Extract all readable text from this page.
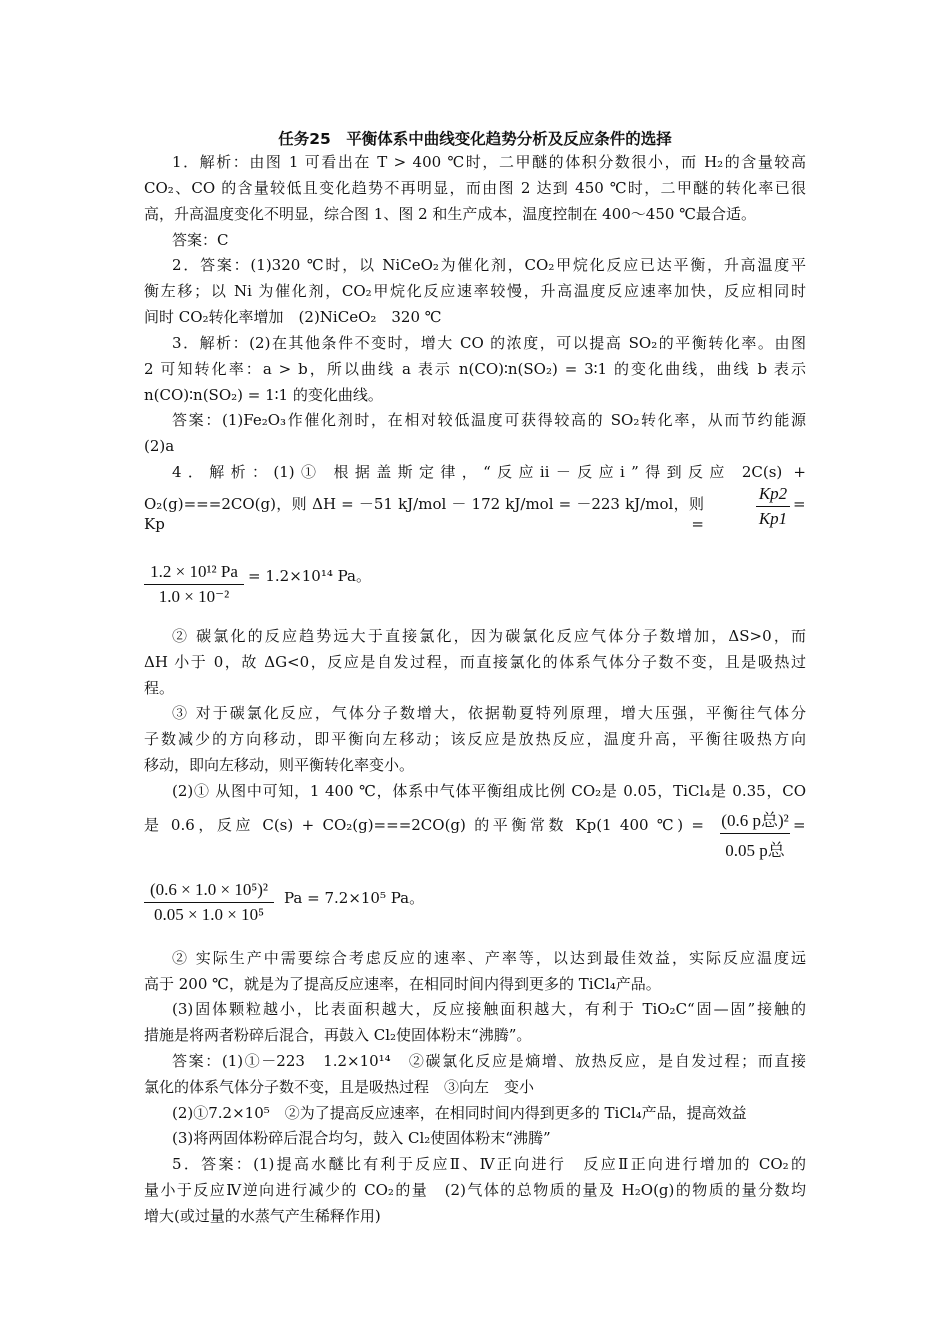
任务25　平衡体系中曲线变化趋势分析及反应条件的选择
1．解析：由图 1 可看出在 T > 400 ℃时，二甲醚的体积分数很小，而 H₂的含量较高
CO₂、CO 的含量较低且变化趋势不再明显，而由图 2 达到 450 ℃时，二甲醚的转化率已很
高，升高温度变化不明显，综合图 1、图 2 和生产成本，温度控制在 400～450 ℃最合适。
答案：C
2．答案：(1)320 ℃时，以 NiCeO₂为催化剂，CO₂甲烷化反应已达平衡，升高温度平
衡左移；以 Ni 为催化剂，CO₂甲烷化反应速率较慢，升高温度反应速率加快，反应相同时
间时 CO₂转化率增加　(2)NiCeO₂　320 ℃
3．解析：(2)在其他条件不变时，增大 CO 的浓度，可以提高 SO₂的平衡转化率。由图
2 可知转化率：a > b，所以曲线 a 表示 n(CO)∶n(SO₂) = 3∶1 的变化曲线，曲线 b 表示
n(CO)∶n(SO₂) = 1∶1 的变化曲线。
答案：(1)Fe₂O₃作催化剂时，在相对较低温度可获得较高的 SO₂转化率，从而节约能源
(2)a
4．解析：(1)① 根据盖斯定律，“反应ⅱ－反应ⅰ”得到反应 2C(s) +
O₂(g)===2CO(g)，则 ΔH = －51 kJ/mol － 172 kJ/mol = －223 kJ/mol，则 Kp =
Kp2
Kp1
=
1.2 × 10¹² Pa
1.0 × 10⁻²
= 1.2×10¹⁴ Pa。
② 碳氯化的反应趋势远大于直接氯化，因为碳氯化反应气体分子数增加，ΔS>0，而
ΔH 小于 0，故 ΔG<0，反应是自发过程，而直接氯化的体系气体分子数不变，且是吸热过
程。
③ 对于碳氯化反应，气体分子数增大，依据勒夏特列原理，增大压强，平衡往气体分
子数减少的方向移动，即平衡向左移动；该反应是放热反应，温度升高，平衡往吸热方向
移动，即向左移动，则平衡转化率变小。
(2)① 从图中可知，1 400 ℃，体系中气体平衡组成比例 CO₂是 0.05，TiCl₄是 0.35，CO
是 0.6，反应 C(s) + CO₂(g)===2CO(g) 的平衡常数 Kp(1 400 ℃) = (0.6 p总)²
0.05 p总
=
(0.6 × 1.0 × 10⁵)²
0.05 × 1.0 × 10⁵
Pa = 7.2×10⁵ Pa。
② 实际生产中需要综合考虑反应的速率、产率等，以达到最佳效益，实际反应温度远
高于 200 ℃，就是为了提高反应速率，在相同时间内得到更多的 TiCl₄产品。
(3)固体颗粒越小，比表面积越大，反应接触面积越大，有利于 TiO₂C“固—固”接触的
措施是将两者粉碎后混合，再鼓入 Cl₂使固体粉末“沸腾”。
答案：(1)①－223　1.2×10¹⁴　②碳氯化反应是熵增、放热反应，是自发过程；而直接
氯化的体系气体分子数不变，且是吸热过程　③向左　变小
(2)①7.2×10⁵　②为了提高反应速率，在相同时间内得到更多的 TiCl₄产品，提高效益
(3)将两固体粉碎后混合均匀，鼓入 Cl₂使固体粉末“沸腾”
5．答案：(1)提高水醚比有利于反应Ⅱ、Ⅳ正向进行　反应Ⅱ正向进行增加的 CO₂的
量小于反应Ⅳ逆向进行减少的 CO₂的量　(2)气体的总物质的量及 H₂O(g)的物质的量分数均
增大(或过量的水蒸气产生稀释作用)
